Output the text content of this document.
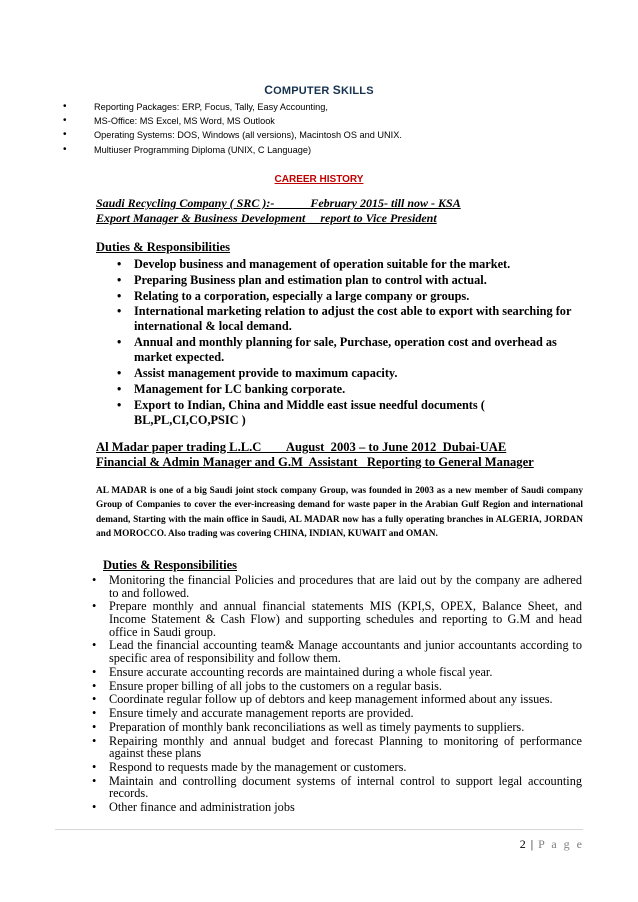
COMPUTER SKILLS
• Reporting Packages: ERP, Focus, Tally, Easy Accounting,
• MS-Office: MS Excel, MS Word, MS Outlook
• Operating Systems: DOS, Windows (all versions), Macintosh OS and UNIX.
• Multiuser Programming Diploma (UNIX, C Language)
CAREER HISTORY
Saudi Recycling Company ( SRC ):-            February 2015- till now - KSA
Export Manager & Business Development     report to Vice President
Duties & Responsibilities
• Develop business and management of operation suitable for the market.
• Preparing Business plan and estimation plan to control with actual.
• Relating to a corporation, especially a large company or groups.
• International marketing relation to adjust the cost able to export with searching for international & local demand.
• Annual and monthly planning for sale, Purchase, operation cost and overhead as market expected.
• Assist management provide to maximum capacity.
• Management for LC banking corporate.
• Export to Indian, China and Middle east issue needful documents ( BL,PL,CI,CO,PSIC )
Al Madar paper trading L.L.C        August  2003 – to June 2012  Dubai-UAE
Financial & Admin Manager and G.M  Assistant   Reporting to General Manager
AL MADAR is one of a big Saudi joint stock company Group, was founded in 2003 as a new member of Saudi company Group of Companies to cover the ever-increasing demand for waste paper in the Arabian Gulf Region and international demand, Starting with the main office in Saudi, AL MADAR now has a fully operating branches in ALGERIA, JORDAN and MOROCCO. Also trading was covering CHINA, INDIAN, KUWAIT and OMAN.
Duties & Responsibilities
• Monitoring the financial Policies and procedures that are laid out by the company are adhered to and followed.
• Prepare monthly and annual financial statements MIS (KPI,S, OPEX, Balance Sheet, and Income Statement & Cash Flow) and supporting schedules and reporting to G.M and head office in Saudi group.
• Lead the financial accounting team& Manage accountants and junior accountants according to specific area of responsibility and follow them.
• Ensure accurate accounting records are maintained during a whole fiscal year.
• Ensure proper billing of all jobs to the customers on a regular basis.
• Coordinate regular follow up of debtors and keep management informed about any issues.
• Ensure timely and accurate management reports are provided.
• Preparation of monthly bank reconciliations as well as timely payments to suppliers.
• Repairing monthly and annual budget and forecast Planning to monitoring of performance against these plans
• Respond to requests made by the management or customers.
• Maintain and controlling document systems of internal control to support legal accounting records.
• Other finance and administration jobs
2 | P a g e
